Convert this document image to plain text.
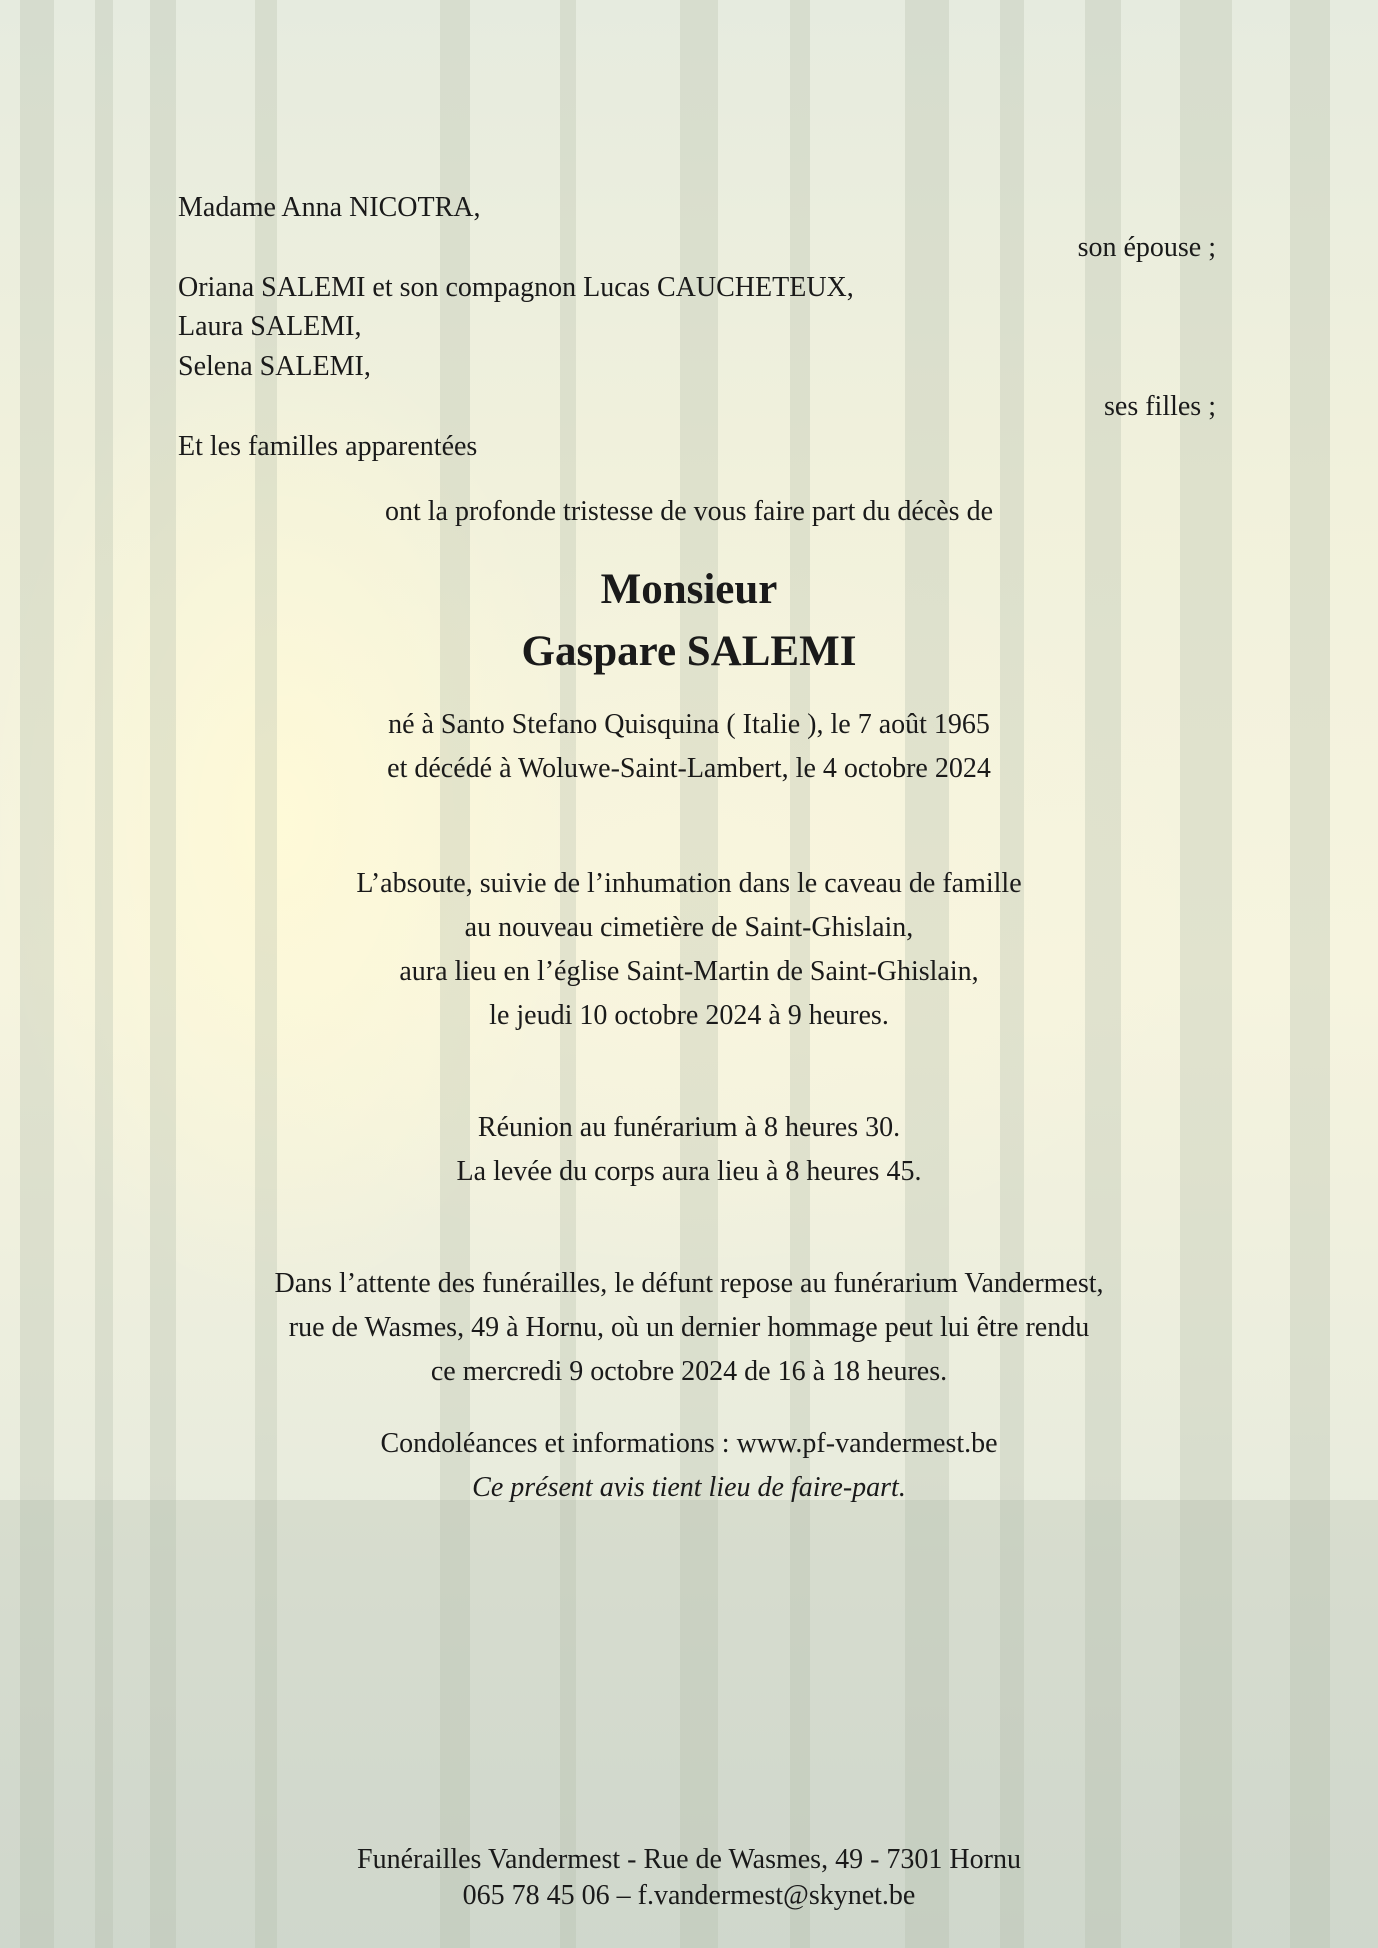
Madame Anna NICOTRA,
son épouse ;
Oriana SALEMI et son compagnon Lucas CAUCHETEUX,
Laura SALEMI,
Selena SALEMI,
ses filles ;
Et les familles apparentées
ont la profonde tristesse de vous faire part du décès de
Monsieur
Gaspare SALEMI
né à Santo Stefano Quisquina ( Italie ), le 7 août 1965
et décédé à Woluwe-Saint-Lambert, le 4 octobre 2024
L’absoute, suivie de l’inhumation dans le caveau de famille
au nouveau cimetière de Saint-Ghislain,
aura lieu en l’église Saint-Martin de Saint-Ghislain,
le jeudi 10 octobre 2024 à 9 heures.
Réunion au funérarium à 8 heures 30.
La levée du corps aura lieu à 8 heures 45.
Dans l’attente des funérailles, le défunt repose au funérarium Vandermest,
rue de Wasmes, 49 à Hornu, où un dernier hommage peut lui être rendu
ce mercredi 9 octobre 2024 de 16 à 18 heures.
Condoléances et informations : www.pf-vandermest.be
Ce présent avis tient lieu de faire-part.
Funérailles Vandermest - Rue de Wasmes, 49 - 7301 Hornu
065 78 45 06 – f.vandermest@skynet.be
